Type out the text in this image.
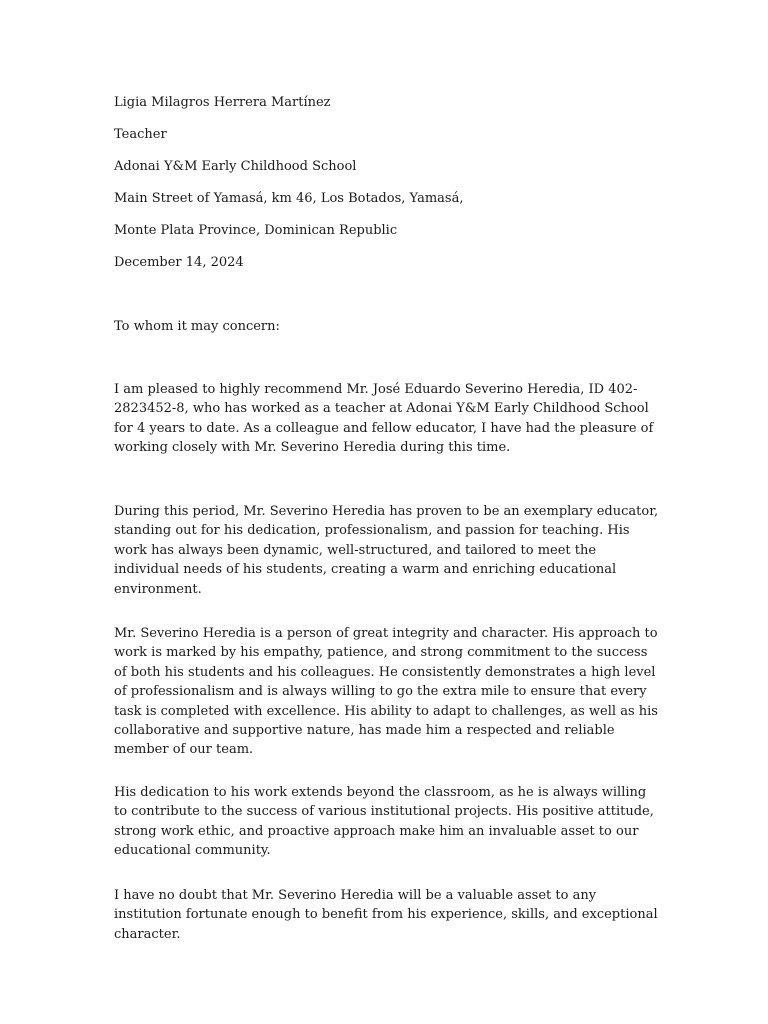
Ligia Milagros Herrera Martínez
Teacher
Adonai Y&M Early Childhood School
Main Street of Yamasá, km 46, Los Botados, Yamasá,
Monte Plata Province, Dominican Republic
December 14, 2024
To whom it may concern:

I am pleased to highly recommend Mr. José Eduardo Severino Heredia, ID 402-2823452-8, who has worked as a teacher at Adonai Y&M Early Childhood School for 4 years to date. As a colleague and fellow educator, I have had the pleasure of working closely with Mr. Severino Heredia during this time.

During this period, Mr. Severino Heredia has proven to be an exemplary educator, standing out for his dedication, professionalism, and passion for teaching. His work has always been dynamic, well-structured, and tailored to meet the individual needs of his students, creating a warm and enriching educational environment.

Mr. Severino Heredia is a person of great integrity and character. His approach to work is marked by his empathy, patience, and strong commitment to the success of both his students and his colleagues. He consistently demonstrates a high level of professionalism and is always willing to go the extra mile to ensure that every task is completed with excellence. His ability to adapt to challenges, as well as his collaborative and supportive nature, has made him a respected and reliable member of our team.

His dedication to his work extends beyond the classroom, as he is always willing to contribute to the success of various institutional projects. His positive attitude, strong work ethic, and proactive approach make him an invaluable asset to our educational community.

I have no doubt that Mr. Severino Heredia will be a valuable asset to any institution fortunate enough to benefit from his experience, skills, and exceptional character.
